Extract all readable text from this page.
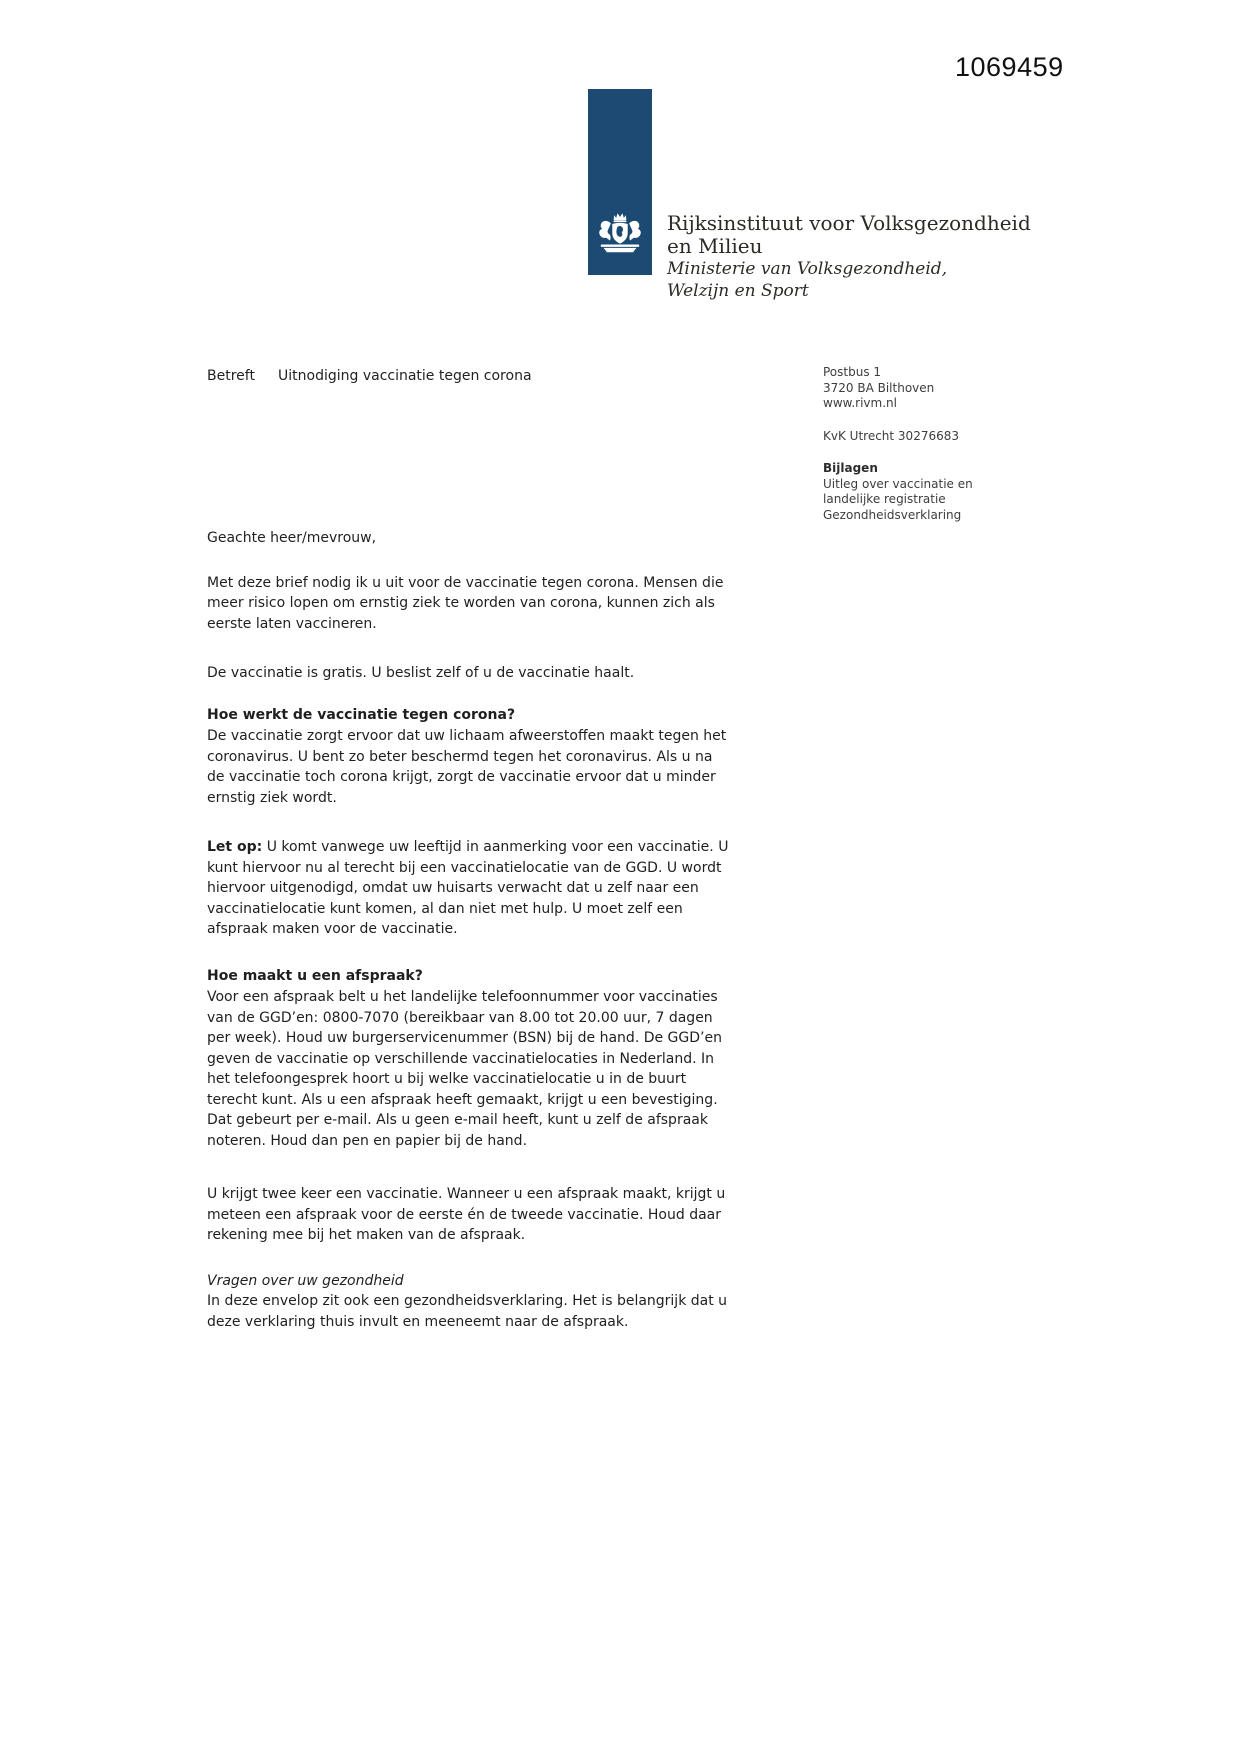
1069459
Rijksinstituut voor Volksgezondheid
en Milieu
Ministerie van Volksgezondheid,
Welzijn en Sport
Betreft	Uitnodiging vaccinatie tegen corona	Postbus 1
3720 BA Bilthoven
www.rivm.nl
KvK Utrecht 30276683
Bijlagen
Uitleg over vaccinatie en
landelijke registratie
Gezondheidsverklaring

Geachte heer/mevrouw,

Met deze brief nodig ik u uit voor de vaccinatie tegen corona. Mensen die
meer risico lopen om ernstig ziek te worden van corona, kunnen zich als
eerste laten vaccineren.

De vaccinatie is gratis. U beslist zelf of u de vaccinatie haalt.

Hoe werkt de vaccinatie tegen corona?

De vaccinatie zorgt ervoor dat uw lichaam afweerstoffen maakt tegen het
coronavirus. U bent zo beter beschermd tegen het coronavirus. Als u na
de vaccinatie toch corona krijgt, zorgt de vaccinatie ervoor dat u minder
ernstig ziek wordt.

Let op: U komt vanwege uw leeftijd in aanmerking voor een vaccinatie. U
kunt hiervoor nu al terecht bij een vaccinatielocatie van de GGD. U wordt
hiervoor uitgenodigd, omdat uw huisarts verwacht dat u zelf naar een
vaccinatielocatie kunt komen, al dan niet met hulp. U moet zelf een
afspraak maken voor de vaccinatie.

Hoe maakt u een afspraak?

Voor een afspraak belt u het landelijke telefoonnummer voor vaccinaties
van de GGD’en: 0800-7070 (bereikbaar van 8.00 tot 20.00 uur, 7 dagen
per week). Houd uw burgerservicenummer (BSN) bij de hand. De GGD’en
geven de vaccinatie op verschillende vaccinatielocaties in Nederland. In
het telefoongesprek hoort u bij welke vaccinatielocatie u in de buurt
terecht kunt. Als u een afspraak heeft gemaakt, krijgt u een bevestiging.
Dat gebeurt per e-mail. Als u geen e-mail heeft, kunt u zelf de afspraak
noteren. Houd dan pen en papier bij de hand.

U krijgt twee keer een vaccinatie. Wanneer u een afspraak maakt, krijgt u
meteen een afspraak voor de eerste én de tweede vaccinatie. Houd daar
rekening mee bij het maken van de afspraak.

Vragen over uw gezondheid

In deze envelop zit ook een gezondheidsverklaring. Het is belangrijk dat u
deze verklaring thuis invult en meeneemt naar de afspraak.
